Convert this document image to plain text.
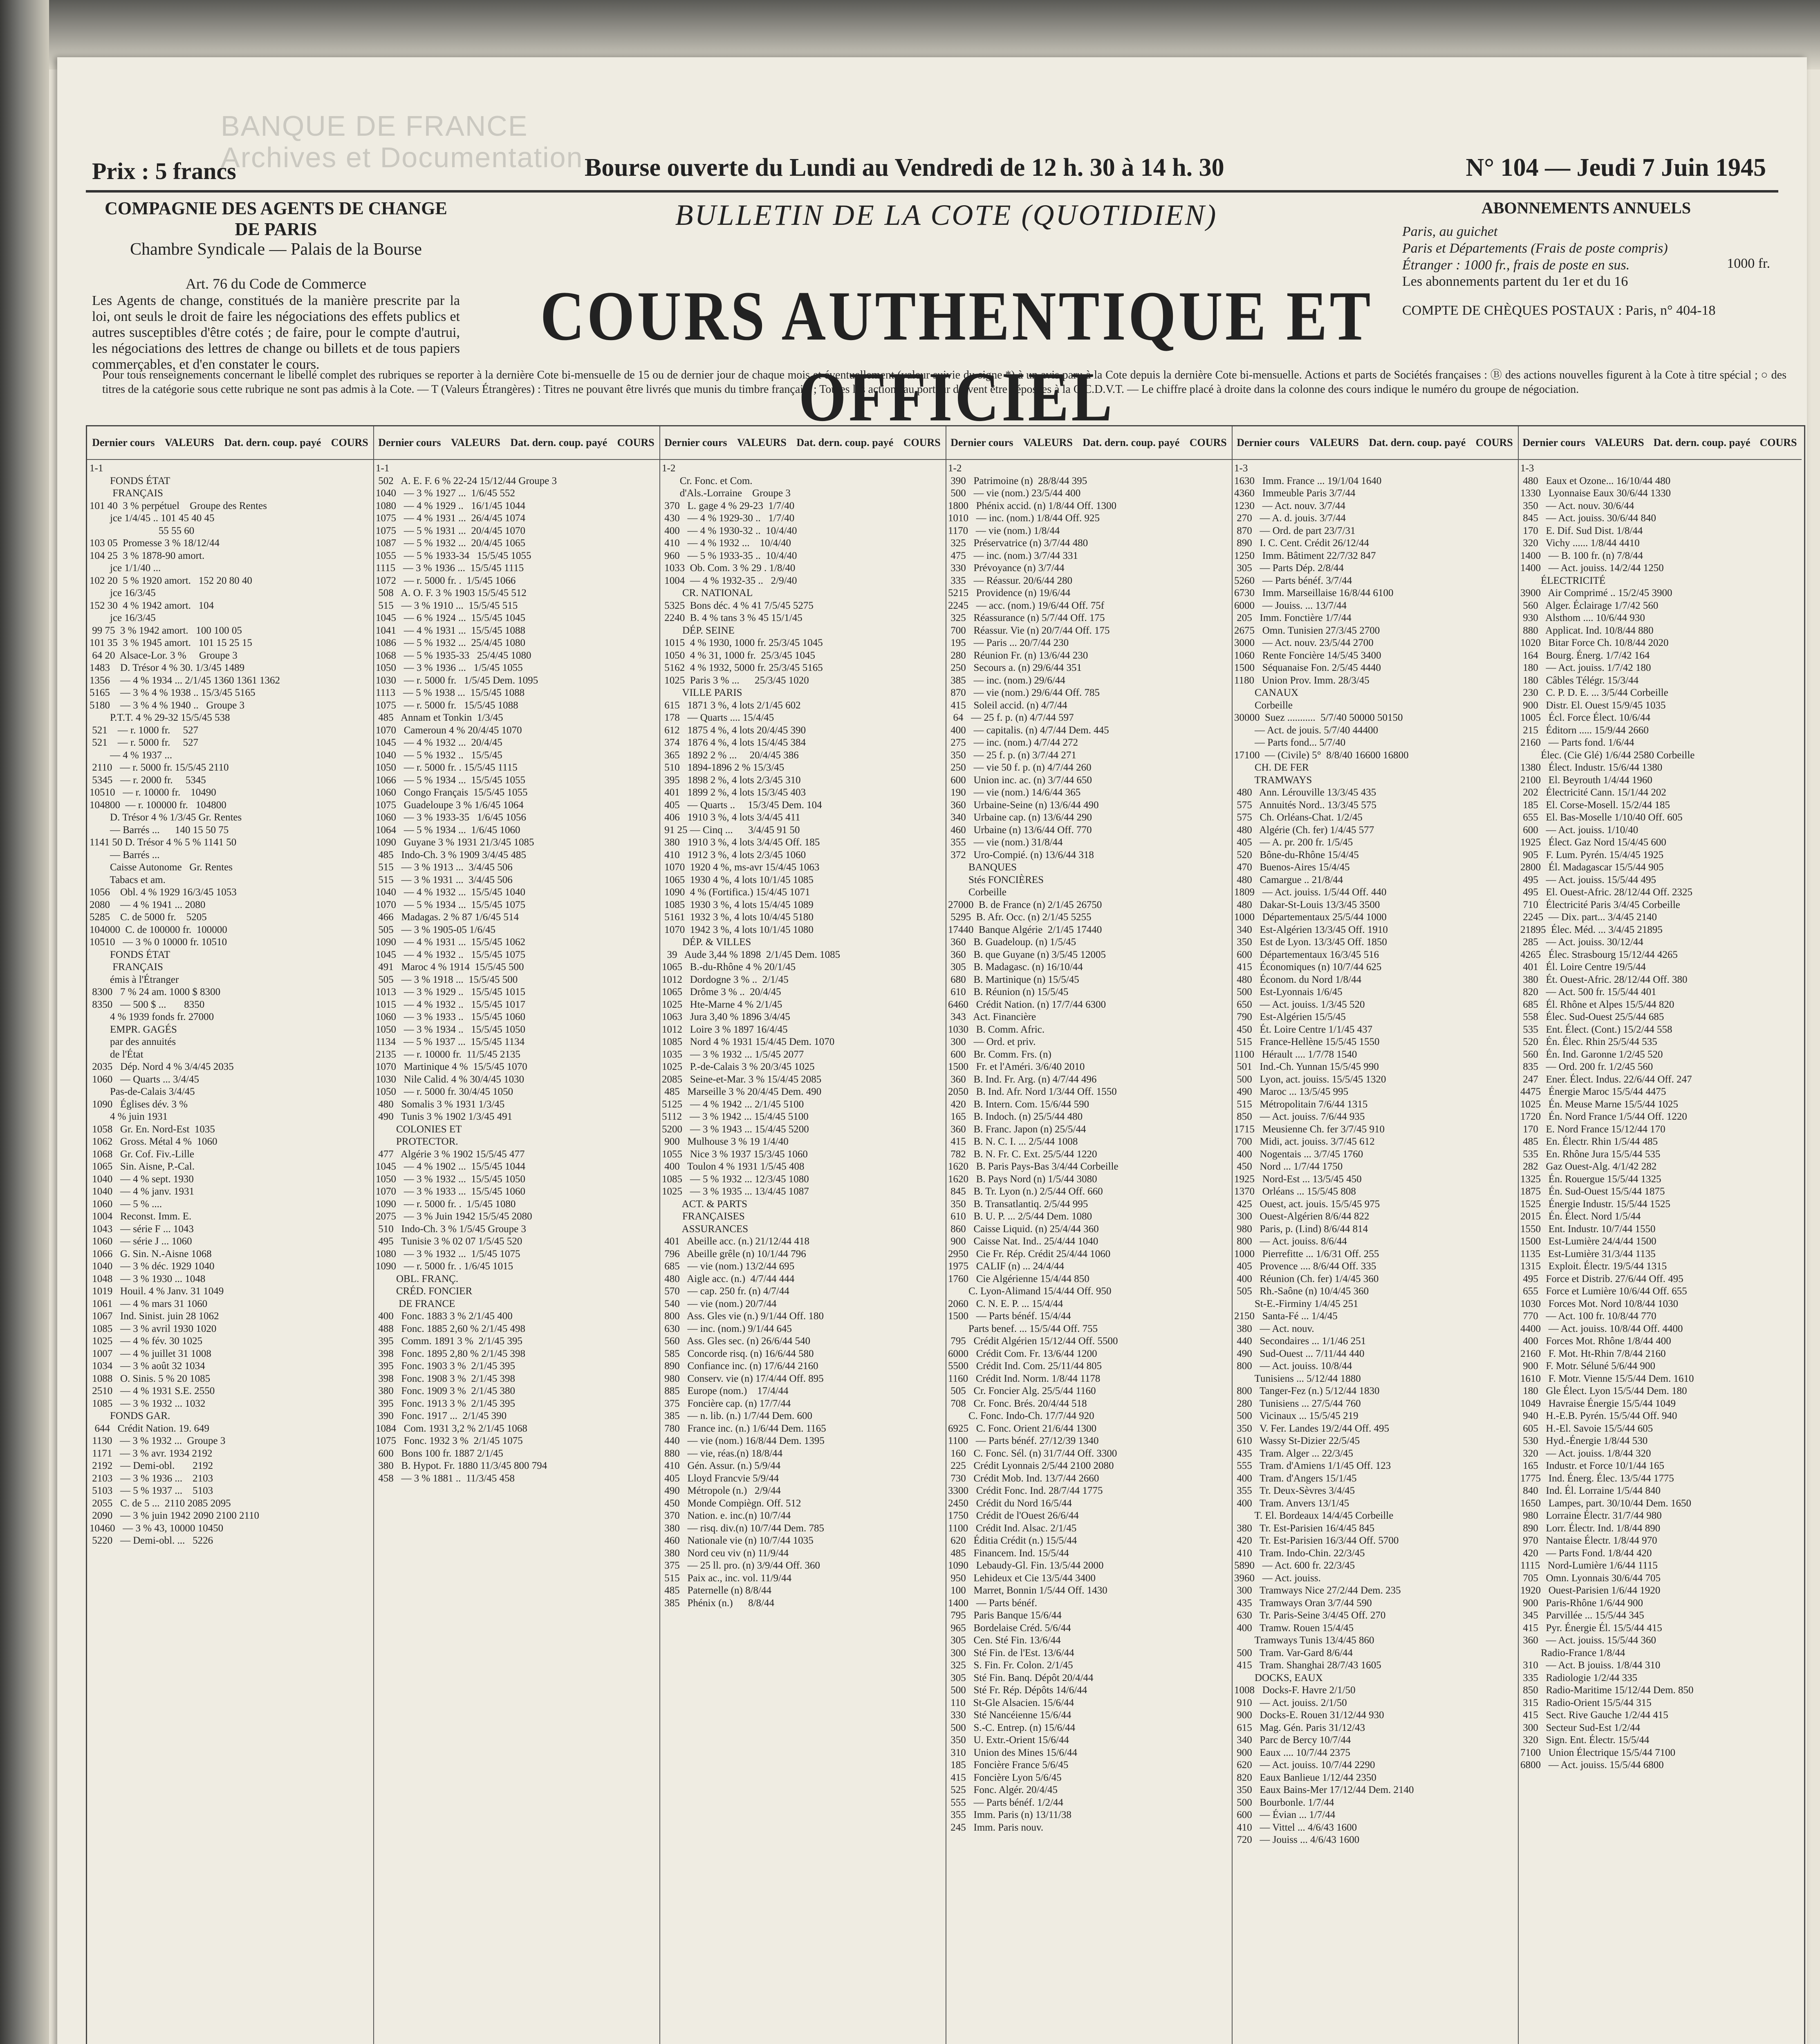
BANQUE DE FRANCE
Archives et Documentation
Prix : 5 francs	Bourse ouverte du Lundi au Vendredi de 12 h. 30 à 14 h. 30	N° 104 — Jeudi 7 Juin 1945
COMPAGNIE DES AGENTS DE CHANGE DE PARIS
Chambre Syndicale — Palais de la Bourse
Art. 76 du Code de Commerce
Les Agents de change, constitués de la manière prescrite par la loi, ont seuls le droit de faire les négociations des effets publics et autres susceptibles d'être cotés ; de faire, pour le compte d'autrui, les négociations des lettres de change ou billets et de tous papiers commerçables, et d'en constater le cours.
BULLETIN DE LA COTE (QUOTIDIEN)
COURS AUTHENTIQUE ET OFFICIEL
ABONNEMENTS ANNUELS
Paris, au guichet
Paris et Départements (Frais de poste compris)
Étranger : 1000 fr., frais de poste en sus.
Les abonnements partent du 1er et du 16
1000 fr.
COMPTE DE CHÈQUES POSTAUX : Paris, n° 404-18
Pour tous renseignements concernant le libellé complet des rubriques se reporter à la dernière Cote bi-mensuelle de 15 ou de dernier jour de chaque mois et éventuellement (valeur suivie du signe *) à un avis paru à la Cote depuis la dernière Cote bi-mensuelle. Actions et parts de Sociétés françaises : Ⓑ des actions nouvelles figurent à la Cote à titre spécial ; ○ des titres de la catégorie sous cette rubrique ne sont pas admis à la Cote. — T (Valeurs Étrangères) : Titres ne pouvant être livrés que munis du timbre français. ; Toutes les actions au porteur doivent être déposées à la C.C.D.V.T. — Le chiffre placé à droite dans la colonne des cours indique le numéro du groupe de négociation.
Dernier cours VALEURS Dat. dern. coup. payé COURS
1-1
FONDS ÉTAT
FRANÇAIS
101 40  3 % perpétuel    Groupe des Rentes
jce 1/4/45 .. 101 45 40 45
55 55 60
103 05  Promesse 3 % 18/12/44
104 25  3 % 1878-90 amort.
jce 1/1/40 ...
102 20  5 % 1920 amort.   152 20 80 40
jce 16/3/45
152 30  4 % 1942 amort.   104
jce 16/3/45
99 75  3 % 1942 amort.   100 100 05
101 35  3 % 1945 amort.   101 15 25 15
64 20  Alsace-Lor. 3 %     Groupe 3
1483    D. Trésor 4 % 30. 1/3/45 1489
1356    — 4 % 1934 ... 2/1/45 1360 1361 1362
5165    — 3 % 4 % 1938 .. 15/3/45 5165
5180    — 3 % 4 % 1940 ..   Groupe 3
P.T.T. 4 % 29-32 15/5/45 538
521    — r. 1000 fr.     527
521    — r. 5000 fr.     527
— 4 % 1937 ...
2110   — r. 5000 fr. 15/5/45 2110
5345   — r. 2000 fr.     5345
10510   — r. 10000 fr.    10490
104800  — r. 100000 fr.   104800
D. Trésor 4 % 1/3/45 Gr. Rentes
— Barrés ...      140 15 50 75
1141 50 D. Trésor 4 % 5 % 1141 50
— Barrés ...
Caisse Autonome   Gr. Rentes
Tabacs et am.
1056    Obl. 4 % 1929 16/3/45 1053
2080    — 4 % 1941 ... 2080
5285    C. de 5000 fr.    5205
104000  C. de 100000 fr.  100000
10510   — 3 % 0 10000 fr. 10510
FONDS ÉTAT
FRANÇAIS
émis à l'Étranger
8300   7 % 24 am. 1000 $ 8300
8350   — 500 $ ...       8350
4 % 1939 fonds fr. 27000
EMPR. GAGÉS
par des annuités
de l'État
2035   Dép. Nord 4 % 3/4/45 2035
1060   — Quarts ... 3/4/45
Pas-de-Calais 3/4/45
1090   Églises dév. 3 %
4 % juin 1931
1058   Gr. En. Nord-Est  1035
1062   Gross. Métal 4 %  1060
1068   Gr. Cof. Fiv.-Lille
1065   Sin. Aisne, P.-Cal.
1040   — 4 % sept. 1930
1040   — 4 % janv. 1931
1060   — 5 % ....
1004   Reconst. Imm. E.
1043   — série F ... 1043
1060   — série J ... 1060
1066   G. Sin. N.-Aisne 1068
1040   — 3 % déc. 1929 1040
1048   — 3 % 1930 ... 1048
1019   Houil. 4 % Janv. 31 1049
1061   — 4 % mars 31 1060
1067   Ind. Sinist. juin 28 1062
1085   — 3 % avril 1930 1020
1025   — 4 % fév. 30 1025
1007   — 4 % juillet 31 1008
1034   — 3 % août 32 1034
1088   O. Sinis. 5 % 20 1085
2510   — 4 % 1931 S.E. 2550
1085   — 3 % 1932 ... 1032
FONDS GAR.
644   Crédit Nation. 19. 649
1130   — 3 % 1932 ...  Groupe 3
1171   — 3 % avr. 1934 2192
2192   — Demi-obl.       2192
2103   — 3 % 1936 ...    2103
5103   — 5 % 1937 ...    5103
2055   C. de 5 ...  2110 2085 2095
2090   — 3 % juin 1942 2090 2100 2110
10460   — 3 % 43, 10000 10450
5220   — Demi-obl. ...   5226
Dernier cours VALEURS Dat. dern. coup. payé COURS
1-1
502   A. E. F. 6 % 22-24 15/12/44 Groupe 3
1040   — 3 % 1927 ...  1/6/45 552
1080   — 4 % 1929 ..   16/1/45 1044
1075   — 4 % 1931 ...  26/4/45 1074
1075   — 5 % 1931 ...  20/4/45 1070
1087   — 5 % 1932 ...  20/4/45 1065
1055   — 5 % 1933-34   15/5/45 1055
1115   — 3 % 1936 ...  15/5/45 1115
1072   — r. 5000 fr. .  1/5/45 1066
508   A. O. F. 3 % 1903 15/5/45 512
515   — 3 % 1910 ...  15/5/45 515
1045   — 6 % 1924 ...  15/5/45 1045
1041   — 4 % 1931 ...  15/5/45 1088
1086   — 5 % 1932 ...  25/4/45 1080
1068   — 5 % 1935-33   25/4/45 1080
1050   — 3 % 1936 ...   1/5/45 1055
1030   — r. 5000 fr.   1/5/45 Dem. 1095
1113   — 5 % 1938 ...  15/5/45 1088
1075   — r. 5000 fr.   15/5/45 1088
485   Annam et Tonkin  1/3/45
1070   Cameroun 4 % 20/4/45 1070
1045   — 4 % 1932 ...  20/4/45
1040   — 5 % 1932 ..   15/5/45
1050   — r. 5000 fr. . 15/5/45 1115
1066   — 5 % 1934 ...  15/5/45 1055
1060   Congo Français  15/5/45 1055
1075   Guadeloupe 3 % 1/6/45 1064
1060   — 3 % 1933-35   1/6/45 1056
1064   — 5 % 1934 ...  1/6/45 1060
1090   Guyane 3 % 1931 21/3/45 1085
485   Indo-Ch. 3 % 1909 3/4/45 485
515   — 3 % 1913 ...  3/4/45 506
515   — 3 % 1931 ...  3/4/45 506
1040   — 4 % 1932 ...  15/5/45 1040
1070   — 5 % 1934 ...  15/5/45 1075
466   Madagas. 2 % 87 1/6/45 514
505   — 3 % 1905-05 1/6/45
1090   — 4 % 1931 ...  15/5/45 1062
1045   — 4 % 1932 ..   15/5/45 1075
491   Maroc 4 % 1914  15/5/45 500
505   — 3 % 1918 ...  15/5/45 500
1013   — 3 % 1929 ..   15/5/45 1015
1015   — 4 % 1932 ..   15/5/45 1017
1060   — 3 % 1933 ..   15/5/45 1060
1050   — 3 % 1934 ..   15/5/45 1050
1134   — 5 % 1937 ...  15/5/45 1134
2135   — r. 10000 fr.  11/5/45 2135
1070   Martinique 4 %  15/5/45 1070
1030   Nile Calid. 4 % 30/4/45 1030
1050   — r. 5000 fr. 30/4/45 1050
480   Somalis 3 % 1931 1/3/45
490   Tunis 3 % 1902 1/3/45 491
COLONIES ET
PROTECTOR.
477   Algérie 3 % 1902 15/5/45 477
1045   — 4 % 1902 ...  15/5/45 1044
1050   — 3 % 1932 ...  15/5/45 1050
1070   — 3 % 1933 ...  15/5/45 1060
1090   — r. 5000 fr. .  1/5/45 1080
2075   — 3 % Juin 1942 15/5/45 2080
510   Indo-Ch. 3 % 1/5/45 Groupe 3
495   Tunisie 3 % 02 07 1/5/45 520
1080   — 3 % 1932 ...  1/5/45 1075
1090   — r. 5000 fr. . 1/6/45 1015
OBL. FRANÇ.
CRÉD. FONCIER
DE FRANCE
400   Fonc. 1883 3 % 2/1/45 400
488   Fonc. 1885 2,60 % 2/1/45 498
395   Comm. 1891 3 %  2/1/45 395
398   Fonc. 1895 2,80 % 2/1/45 398
395   Fonc. 1903 3 %  2/1/45 395
398   Fonc. 1908 3 %  2/1/45 398
380   Fonc. 1909 3 %  2/1/45 380
395   Fonc. 1913 3 %  2/1/45 395
390   Fonc. 1917 ...  2/1/45 390
1084   Com. 1931 3,2 % 2/1/45 1068
1075   Fonc. 1932 3 %  2/1/45 1075
600   Bons 100 fr. 1887 2/1/45
380   B. Hypot. Fr. 1880 11/3/45 800 794
458   — 3 % 1881 ..  11/3/45 458
Dernier cours VALEURS Dat. dern. coup. payé COURS
1-2
Cr. Fonc. et Com.
d'Als.-Lorraine    Groupe 3
370   L. gage 4 % 29-23  1/7/40
430   — 4 % 1929-30 ..   1/7/40
400   — 4 % 1930-32 ..  10/4/40
410   — 4 % 1932 ...    10/4/40
960   — 5 % 1933-35 ..  10/4/40
1033  Ob. Com. 3 % 29 . 1/8/40
1004  — 4 % 1932-35 ..   2/9/40
CR. NATIONAL
5325  Bons déc. 4 % 41 7/5/45 5275
2240  B. 4 % tans 3 % 45 15/1/45
DÉP. SEINE
1015  4 % 1930, 1000 fr. 25/3/45 1045
1050  4 % 31, 1000 fr.  25/3/45 1045
5162  4 % 1932, 5000 fr. 25/3/45 5165
1025  Paris 3 % ...      25/3/45 1020
VILLE PARIS
615   1871 3 %, 4 lots 2/1/45 602
178   — Quarts .... 15/4/45
612   1875 4 %, 4 lots 20/4/45 390
374   1876 4 %, 4 lots 15/4/45 384
365   1892 2 % ...     20/4/45 386
510   1894-1896 2 % 15/3/45
395   1898 2 %, 4 lots 2/3/45 310
401   1899 2 %, 4 lots 15/3/45 403
405   — Quarts ..     15/3/45 Dem. 104
406   1910 3 %, 4 lots 3/4/45 411
91 25 — Cinq ...      3/4/45 91 50
380   1910 3 %, 4 lots 3/4/45 Off. 185
410   1912 3 %, 4 lots 2/3/45 1060
1070  1920 4 %, ms-avr 15/4/45 1063
1065  1930 4 %, 4 lots 10/1/45 1085
1090  4 % (Fortifica.) 15/4/45 1071
1085  1930 3 %, 4 lots 15/4/45 1089
5161  1932 3 %, 4 lots 10/4/45 5180
1070  1942 3 %, 4 lots 10/1/45 1080
DÉP. & VILLES
39   Aude 3,44 % 1898  2/1/45 Dem. 1085
1065   B.-du-Rhône 4 % 20/1/45
1012   Dordogne 3 % ..  2/1/45
1065   Drôme 3 % ..  20/4/45
1025   Hte-Marne 4 % 2/1/45
1063   Jura 3,40 % 1896 3/4/45
1012   Loire 3 % 1897 16/4/45
1085   Nord 4 % 1931 15/4/45 Dem. 1070
1035   — 3 % 1932 ... 1/5/45 2077
1025   P.-de-Calais 3 % 20/3/45 1025
2085   Seine-et-Mar. 3 % 15/4/45 2085
485   Marseille 3 % 20/4/45 Dem. 490
5125   — 4 % 1942 ... 2/1/45 5100
5112   — 3 % 1942 ... 15/4/45 5100
5200   — 3 % 1943 ... 15/4/45 5200
900   Mulhouse 3 % 19 1/4/40
1055   Nice 3 % 1937 15/3/45 1060
400   Toulon 4 % 1931 1/5/45 408
1085   — 5 % 1932 ... 12/3/45 1080
1025   — 3 % 1935 ... 13/4/45 1087
ACT. & PARTS
FRANÇAISES
ASSURANCES
401   Abeille acc. (n.) 21/12/44 418
796   Abeille grêle (n) 10/1/44 796
685   — vie (nom.) 13/2/44 695
480   Aigle acc. (n.)  4/7/44 444
570   — cap. 250 fr. (n) 4/7/44
540   — vie (nom.) 20/7/44
800   Ass. Gles vie (n.) 9/1/44 Off. 180
630   — inc. (nom.) 9/1/44 645
560   Ass. Gles sec. (n) 26/6/44 540
585   Concorde risq. (n) 16/6/44 580
890   Confiance inc. (n) 17/6/44 2160
980   Conserv. vie (n) 17/4/44 Off. 895
885   Europe (nom.)    17/4/44
375   Foncière cap. (n) 17/7/44
385   — n. lib. (n.) 1/7/44 Dem. 600
780   France inc. (n.) 1/6/44 Dem. 1165
440   — vie (nom.) 16/8/44 Dem. 1395
880   — vie, réas.(n) 18/8/44
410   Gén. Assur. (n.) 5/9/44
405   Lloyd Francvie 5/9/44
490   Métropole (n.)   2/9/44
450   Monde Compiègn. Off. 512
370   Nation. e. inc.(n) 10/7/44
380   — risq. div.(n) 10/7/44 Dem. 785
460   Nationale vie (n) 10/7/44 1035
380   Nord ceu viv (n) 11/9/44
375   — 25 ll. pro. (n) 3/9/44 Off. 360
515   Paix ac., inc. vol. 11/9/44
485   Paternelle (n) 8/8/44
385   Phénix (n.)      8/8/44
Dernier cours VALEURS Dat. dern. coup. payé COURS
1-2
390   Patrimoine (n)  28/8/44 395
500   — vie (nom.) 23/5/44 400
1800   Phénix accid. (n) 1/8/44 Off. 1300
1010   — inc. (nom.) 1/8/44 Off. 925
1170   — vie (nom.) 1/8/44
325   Préservatrice (n) 3/7/44 480
475   — inc. (nom.) 3/7/44 331
330   Prévoyance (n) 3/7/44
335   — Réassur. 20/6/44 280
5215   Providence (n) 19/6/44
2245   — acc. (nom.) 19/6/44 Off. 75f
325   Réassurance (n) 5/7/44 Off. 175
700   Réassur. Vie (n) 20/7/44 Off. 175
195   — Paris ... 20/7/44 230
280   Réunion Fr. (n) 13/6/44 230
250   Secours a. (n) 29/6/44 351
385   — inc. (nom.) 29/6/44
870   — vie (nom.) 29/6/44 Off. 785
415   Soleil accid. (n) 4/7/44
64   — 25 f. p. (n) 4/7/44 597
400   — capitalis. (n) 4/7/44 Dem. 445
275   — inc. (nom.) 4/7/44 272
350   — 25 f. p. (n) 3/7/44 271
250   — vie 50 f. p. (n) 4/7/44 260
600   Union inc. ac. (n) 3/7/44 650
190   — vie (nom.) 14/6/44 365
360   Urbaine-Seine (n) 13/6/44 490
340   Urbaine cap. (n) 13/6/44 290
460   Urbaine (n) 13/6/44 Off. 770
355   — vie (nom.) 31/8/44
372   Uro-Compié. (n) 13/6/44 318
BANQUES
Stés FONCIÈRES
Corbeille
27000  B. de France (n) 2/1/45 26750
5295  B. Afr. Occ. (n) 2/1/45 5255
17440  Banque Algérie  2/1/45 17440
360   B. Guadeloup. (n) 1/5/45
360   B. que Guyane (n) 3/5/45 12005
305   B. Madagasc. (n) 16/10/44
680   B. Martinique (n) 15/5/45
610   B. Réunion (n) 15/5/45
6460   Crédit Nation. (n) 17/7/44 6300
343   Act. Financière
1030   B. Comm. Afric.
300   — Ord. et priv.
600   Br. Comm. Frs. (n)
1500   Fr. et l'Améri. 3/6/40 2010
360   B. Ind. Fr. Arg. (n) 4/7/44 496
2050   B. Ind. Afr. Nord 1/3/44 Off. 1550
420   B. Intern. Com. 15/6/44 590
165   B. Indoch. (n) 25/5/44 480
360   B. Franc. Japon (n) 25/5/44
415   B. N. C. I. ... 2/5/44 1008
782   B. N. Fr. C. Ext. 25/5/44 1220
1620   B. Paris Pays-Bas 3/4/44 Corbeille
1620   B. Pays Nord (n) 1/5/44 3080
845   B. Tr. Lyon (n.) 2/5/44 Off. 660
350   B. Transatlantiq. 2/5/44 995
610   B. U. P. ... 2/5/44 Dem. 1080
860   Caisse Liquid. (n) 25/4/44 360
900   Caisse Nat. Ind.. 25/4/44 1040
2950   Cie Fr. Rép. Crédit 25/4/44 1060
1975   CALIF (n) ... 24/4/44
1760   Cie Algérienne 15/4/44 850
C. Lyon-Alimand 15/4/44 Off. 950
2060   C. N. E. P. ... 15/4/44
1500   — Parts bénéf. 15/4/44
Parts benef. ... 15/5/44 Off. 755
795   Crédit Algérien 15/12/44 Off. 5500
6000   Crédit Com. Fr. 13/6/44 1200
5500   Crédit Ind. Com. 25/11/44 805
1160   Crédit Ind. Norm. 1/8/44 1178
505   Cr. Foncier Alg. 25/5/44 1160
708   Cr. Fonc. Brés. 20/4/44 518
C. Fonc. Indo-Ch. 17/7/44 920
6925   C. Fonc. Orient 21/6/44 1300
1100   — Parts bénéf. 27/12/39 1340
160   C. Fonc. Sél. (n) 31/7/44 Off. 3300
225   Crédit Lyonnais 2/5/44 2100 2080
730   Crédit Mob. Ind. 13/7/44 2660
3300   Crédit Fonc. Ind. 28/7/44 1775
2450   Crédit du Nord 16/5/44
1750   Crédit de l'Ouest 26/6/44
1100   Crédit Ind. Alsac. 2/1/45
620   Éditia Crédit (n.) 15/5/44
485   Financem. Ind. 15/5/44
1090   Lebaudy-Gl. Fin. 13/5/44 2000
950   Lehideux et Cie 13/5/44 3400
100   Marret, Bonnin 1/5/44 Off. 1430
1400   — Parts bénéf.
795   Paris Banque 15/6/44
965   Bordelaise Créd. 5/6/44
305   Cen. Sté Fin. 13/6/44
300   Sté Fin. de l'Est. 13/6/44
325   S. Fin. Fr. Colon. 2/1/45
305   Sté Fin. Banq. Dépôt 20/4/44
500   Sté Fr. Rép. Dépôts 14/6/44
110   St-Gle Alsacien. 15/6/44
330   Sté Nancéienne 15/6/44
500   S.-C. Entrep. (n) 15/6/44
350   U. Extr.-Orient 15/6/44
310   Union des Mines 15/6/44
185   Foncière France 5/6/45
415   Foncière Lyon 5/6/45
525   Fonc. Algér. 20/4/45
555   — Parts bénéf. 1/2/44
355   Imm. Paris (n) 13/11/38
245   Imm. Paris nouv.
Dernier cours VALEURS Dat. dern. coup. payé COURS
1-3
1630   Imm. France ... 19/1/04 1640
4360   Immeuble Paris 3/7/44
1230   — Act. nouv. 3/7/44
270   — A. d. jouis. 3/7/44
870   — Ord. de part 23/7/31
890   I. C. Cent. Crédit 26/12/44
1250   Imm. Bâtiment 22/7/32 847
305   — Parts Dép. 2/8/44
5260   — Parts bénéf. 3/7/44
6730   Imm. Marseillaise 16/8/44 6100
6000   — Jouiss. ... 13/7/44
205   Imm. Fonctière 1/7/44
2675   Omn. Tunisien 27/3/45 2700
3000   — Act. nouv. 23/5/44 2700
1060   Rente Foncière 14/5/45 3400
1500   Séquanaise Fon. 2/5/45 4440
1180   Union Prov. Imm. 28/3/45
CANAUX
Corbeille
30000  Suez ...........  5/7/40 50000 50150
— Act. de jouis. 5/7/40 44400
— Parts fond... 5/7/40
17100  — (Civile) 5°  8/8/40 16600 16800
CH. DE FER
TRAMWAYS
480   Ann. Lérouville 13/3/45 435
575   Annuités Nord.. 13/3/45 575
575   Ch. Orléans-Chat. 1/2/45
480   Algérie (Ch. fer) 1/4/45 577
405   — A. pr. 200 fr. 1/5/45
520   Bône-du-Rhône 15/4/45
470   Buenos-Aires 15/4/45
480   Camargue .. 21/8/44
1809   — Act. jouiss. 1/5/44 Off. 440
480   Dakar-St-Louis 13/3/45 3500
1000   Départementaux 25/5/44 1000
340   Est-Algérien 13/3/45 Off. 1910
350   Est de Lyon. 13/3/45 Off. 1850
600   Départementaux 16/3/45 516
415   Économiques (n) 10/7/44 625
480   Économ. du Nord 1/8/44
500   Est-Lyonnais 1/6/45
650   — Act. jouiss. 1/3/45 520
790   Est-Algérien 15/5/45
450   Ét. Loire Centre 1/1/45 437
515   France-Hellène 15/5/45 1550
1100   Hérault .... 1/7/78 1540
501   Ind.-Ch. Yunnan 15/5/45 990
500   Lyon, act. jouiss. 15/5/45 1320
490   Maroc ... 13/5/45 995
515   Métropolitain 7/6/44 1315
850   — Act. jouiss. 7/6/44 935
1715   Meusienne Ch. fer 3/7/45 910
700   Midi, act. jouiss. 3/7/45 612
400   Nogentais ... 3/7/45 1760
450   Nord ... 1/7/44 1750
1925   Nord-Est ... 13/5/45 450
1370   Orléans ... 15/5/45 808
425   Ouest, act. jouis. 15/5/45 975
300   Ouest-Algérien 8/6/44 822
980   Paris, p. (I.ind) 8/6/44 814
800   — Act. jouiss. 8/6/44
1000   Pierrefitte ... 1/6/31 Off. 255
405   Provence .... 8/6/44 Off. 335
400   Réunion (Ch. fer) 1/4/45 360
505   Rh.-Saône (n) 10/4/45 360
St-E.-Firminy 1/4/45 251
2150   Santa-Fé ... 1/4/45
380   — Act. nouv.
440   Secondaires ... 1/1/46 251
490   Sud-Ouest ... 7/11/44 440
800   — Act. jouiss. 10/8/44
Tunisiens ... 5/12/44 1880
800   Tanger-Fez (n.) 5/12/44 1830
280   Tunisiens ... 27/5/44 760
500   Vicinaux ... 15/5/45 219
350   V. Fer. Landes 19/2/44 Off. 495
610   Wassy St-Dizier 22/5/45
435   Tram. Alger ... 22/3/45
555   Tram. d'Amiens 1/1/45 Off. 123
400   Tram. d'Angers 15/1/45
355   Tr. Deux-Sèvres 3/4/45
400   Tram. Anvers 13/1/45
T. El. Bordeaux 14/4/45 Corbeille
380   Tr. Est-Parisien 16/4/45 845
420   Tr. Est-Parisien 16/3/44 Off. 5700
410   Tram. Indo-Chin. 22/3/45
5890   — Act. 600 fr. 22/3/45
3960   — Act. jouiss.
300   Tramways Nice 27/2/44 Dem. 235
435   Tramways Oran 3/7/44 590
630   Tr. Paris-Seine 3/4/45 Off. 270
400   Tramw. Rouen 15/4/45
Tramways Tunis 13/4/45 860
500   Tram. Var-Gard 8/6/44
415   Tram. Shanghai 28/7/43 1605
DOCKS, EAUX
1008   Docks-F. Havre 2/1/50
910   — Act. jouiss. 2/1/50
900   Docks-E. Rouen 31/12/44 930
615   Mag. Gén. Paris 31/12/43
340   Parc de Bercy 10/7/44
900   Eaux .... 10/7/44 2375
620   — Act. jouiss. 10/7/44 2290
820   Eaux Banlieue 1/12/44 2350
350   Eaux Bains-Mer 17/12/44 Dem. 2140
500   Bourbonle. 1/7/44
600   — Évian ... 1/7/44
410   — Vittel ... 4/6/43 1600
720   — Jouiss ... 4/6/43 1600
Dernier cours VALEURS Dat. dern. coup. payé COURS
1-3
480   Eaux et Ozone... 16/10/44 480
1330   Lyonnaise Eaux 30/6/44 1330
350   — Act. nouv. 30/6/44
845   — Act. jouiss. 30/6/44 840
170   E. Dif. Sud Dist. 1/8/44
320   Vichy ...... 1/8/44 4410
1400   — B. 100 fr. (n) 7/8/44
1400   — Act. jouiss. 14/2/44 1250
ÉLECTRICITÉ
3900   Air Comprimé .. 15/2/45 3900
560   Alger. Éclairage 1/7/42 560
930   Alsthom .... 10/6/44 930
880   Applicat. Ind. 10/8/44 880
1020   Bitar Force Ch. 10/8/44 2020
164   Bourg. Énerg. 1/7/42 164
180   — Act. jouiss. 1/7/42 180
180   Câbles Télégr. 15/3/44
230   C. P. D. E. ... 3/5/44 Corbeille
900   Distr. El. Ouest 15/9/45 1035
1005   Écl. Force Élect. 10/6/44
215   Éditorn ..... 15/9/44 2660
2160   — Parts fond. 1/6/44
Élec. (Cie Glé) 1/6/44 2580 Corbeille
1380   Élect. Industr. 15/6/44 1380
2100   El. Beyrouth 1/4/44 1960
202   Électricité Cann. 15/1/44 202
185   El. Corse-Mosell. 15/2/44 185
655   El. Bas-Moselle 1/10/40 Off. 605
600   — Act. jouiss. 1/10/40
1925   Élect. Gaz Nord 15/4/45 600
905   F. Lum. Pyrén. 15/4/45 1925
2800   Él. Madagascar 15/5/44 905
495   — Act. jouiss. 15/5/44 495
495   El. Ouest-Afric. 28/12/44 Off. 2325
710   Électricité Paris 3/4/45 Corbeille
2245  — Dix. part... 3/4/45 2140
21895  Élec. Méd. ... 3/4/45 21895
285   — Act. jouiss. 30/12/44
4265   Élec. Strasbourg 15/12/44 4265
401   Él. Loire Centre 19/5/44
380   Ét. Ouest-Afric. 28/12/44 Off. 380
820   — Act. 500 fr. 15/5/44 401
685   Él. Rhône et Alpes 15/5/44 820
558   Élec. Sud-Ouest 25/5/44 685
535   Ent. Élect. (Cont.) 15/2/44 558
520   Én. Élec. Rhin 25/5/44 535
560   Én. Ind. Garonne 1/2/45 520
835   — Ord. 200 fr. 1/2/45 560
247   Ener. Élect. Indus. 22/6/44 Off. 247
4475   Énergie Maroc 15/5/44 4475
1025   Én. Meuse Marne 15/5/44 1025
1720   Én. Nord France 1/5/44 Off. 1220
170   E. Nord France 15/12/44 170
485   En. Électr. Rhin 1/5/44 485
535   En. Rhône Jura 15/5/44 535
282   Gaz Ouest-Alg. 4/1/42 282
1325   Én. Rouergue 15/5/44 1325
1875   Én. Sud-Ouest 15/5/44 1875
1525   Énergie Industr. 15/5/44 1525
2015   Én. Élect. Nord 1/5/44
1550   Ent. Industr. 10/7/44 1550
1500   Est-Lumière 24/4/44 1500
1135   Est-Lumière 31/3/44 1135
1315   Exploit. Électr. 19/5/44 1315
495   Force et Distrib. 27/6/44 Off. 495
655   Force et Lumière 10/6/44 Off. 655
1030   Forces Mot. Nord 10/8/44 1030
770   — Act. 100 fr. 10/8/44 770
4400   — Act. jouiss. 10/8/44 Off. 4400
400   Forces Mot. Rhône 1/8/44 400
2160   F. Mot. Ht-Rhin 7/8/44 2160
900   F. Motr. Séluné 5/6/44 900
1610   F. Motr. Vienne 15/5/44 Dem. 1610
180   Gle Élect. Lyon 15/5/44 Dem. 180
1049   Havraise Énergie 15/5/44 1049
940   H.-E.B. Pyrén. 15/5/44 Off. 940
605   H.-El. Savoie 15/5/44 605
530   Hyd.-Énergie 1/8/44 530
320   — Act. jouiss. 1/8/44 320
165   Industr. et Force 10/1/44 165
1775   Ind. Énerg. Élec. 13/5/44 1775
840   Ind. Él. Lorraine 1/5/44 840
1650   Lampes, part. 30/10/44 Dem. 1650
980   Lorraine Électr. 31/7/44 980
890   Lorr. Électr. Ind. 1/8/44 890
970   Nantaise Électr. 1/8/44 970
420   — Parts Fond. 1/8/44 420
1115   Nord-Lumière 1/6/44 1115
705   Omn. Lyonnais 30/6/44 705
1920   Ouest-Parisien 1/6/44 1920
900   Paris-Rhône 1/6/44 900
345   Parvillée ... 15/5/44 345
415   Pyr. Énergie Él. 15/5/44 415
360   — Act. jouiss. 15/5/44 360
Radio-France 1/8/44
310   — Act. B jouiss. 1/8/44 310
335   Radiologie 1/2/44 335
850   Radio-Maritime 15/12/44 Dem. 850
315   Radio-Orient 15/5/44 315
415   Sect. Rive Gauche 1/2/44 415
300   Secteur Sud-Est 1/2/44
320   Sign. Ent. Électr. 15/5/44
7100   Union Électrique 15/5/44 7100
6800   — Act. jouiss. 15/5/44 6800
